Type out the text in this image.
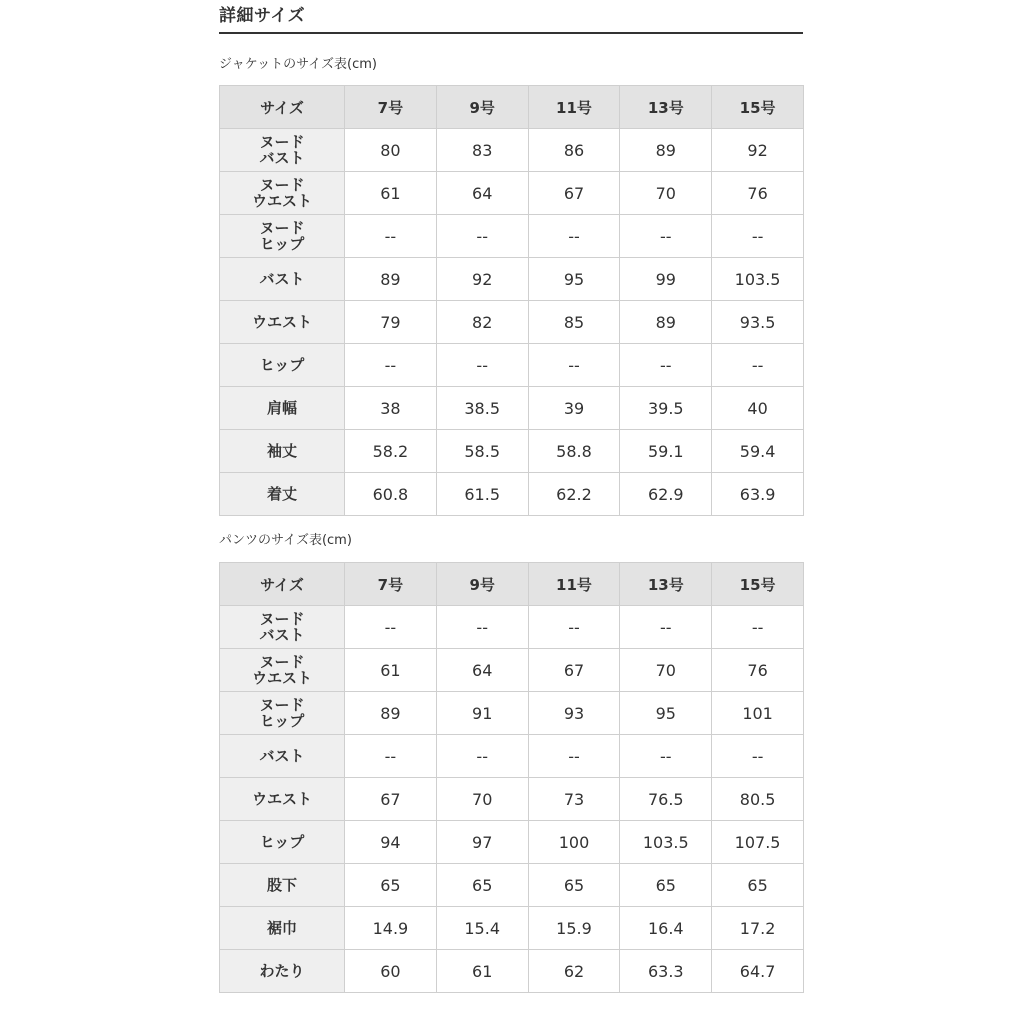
詳細サイズ
ジャケットのサイズ表(cm)
サイズ	7号	9号	11号	13号	15号
ヌード
バスト	80	83	86	89	92
ヌード
ウエスト	61	64	67	70	76
ヌード
ヒップ	--	--	--	--	--
バスト	89	92	95	99	103.5
ウエスト	79	82	85	89	93.5
ヒップ	--	--	--	--	--
肩幅	38	38.5	39	39.5	40
袖丈	58.2	58.5	58.8	59.1	59.4
着丈	60.8	61.5	62.2	62.9	63.9
パンツのサイズ表(cm)
サイズ	7号	9号	11号	13号	15号
ヌード
バスト	--	--	--	--	--
ヌード
ウエスト	61	64	67	70	76
ヌード
ヒップ	89	91	93	95	101
バスト	--	--	--	--	--
ウエスト	67	70	73	76.5	80.5
ヒップ	94	97	100	103.5	107.5
股下	65	65	65	65	65
裾巾	14.9	15.4	15.9	16.4	17.2
わたり	60	61	62	63.3	64.7
